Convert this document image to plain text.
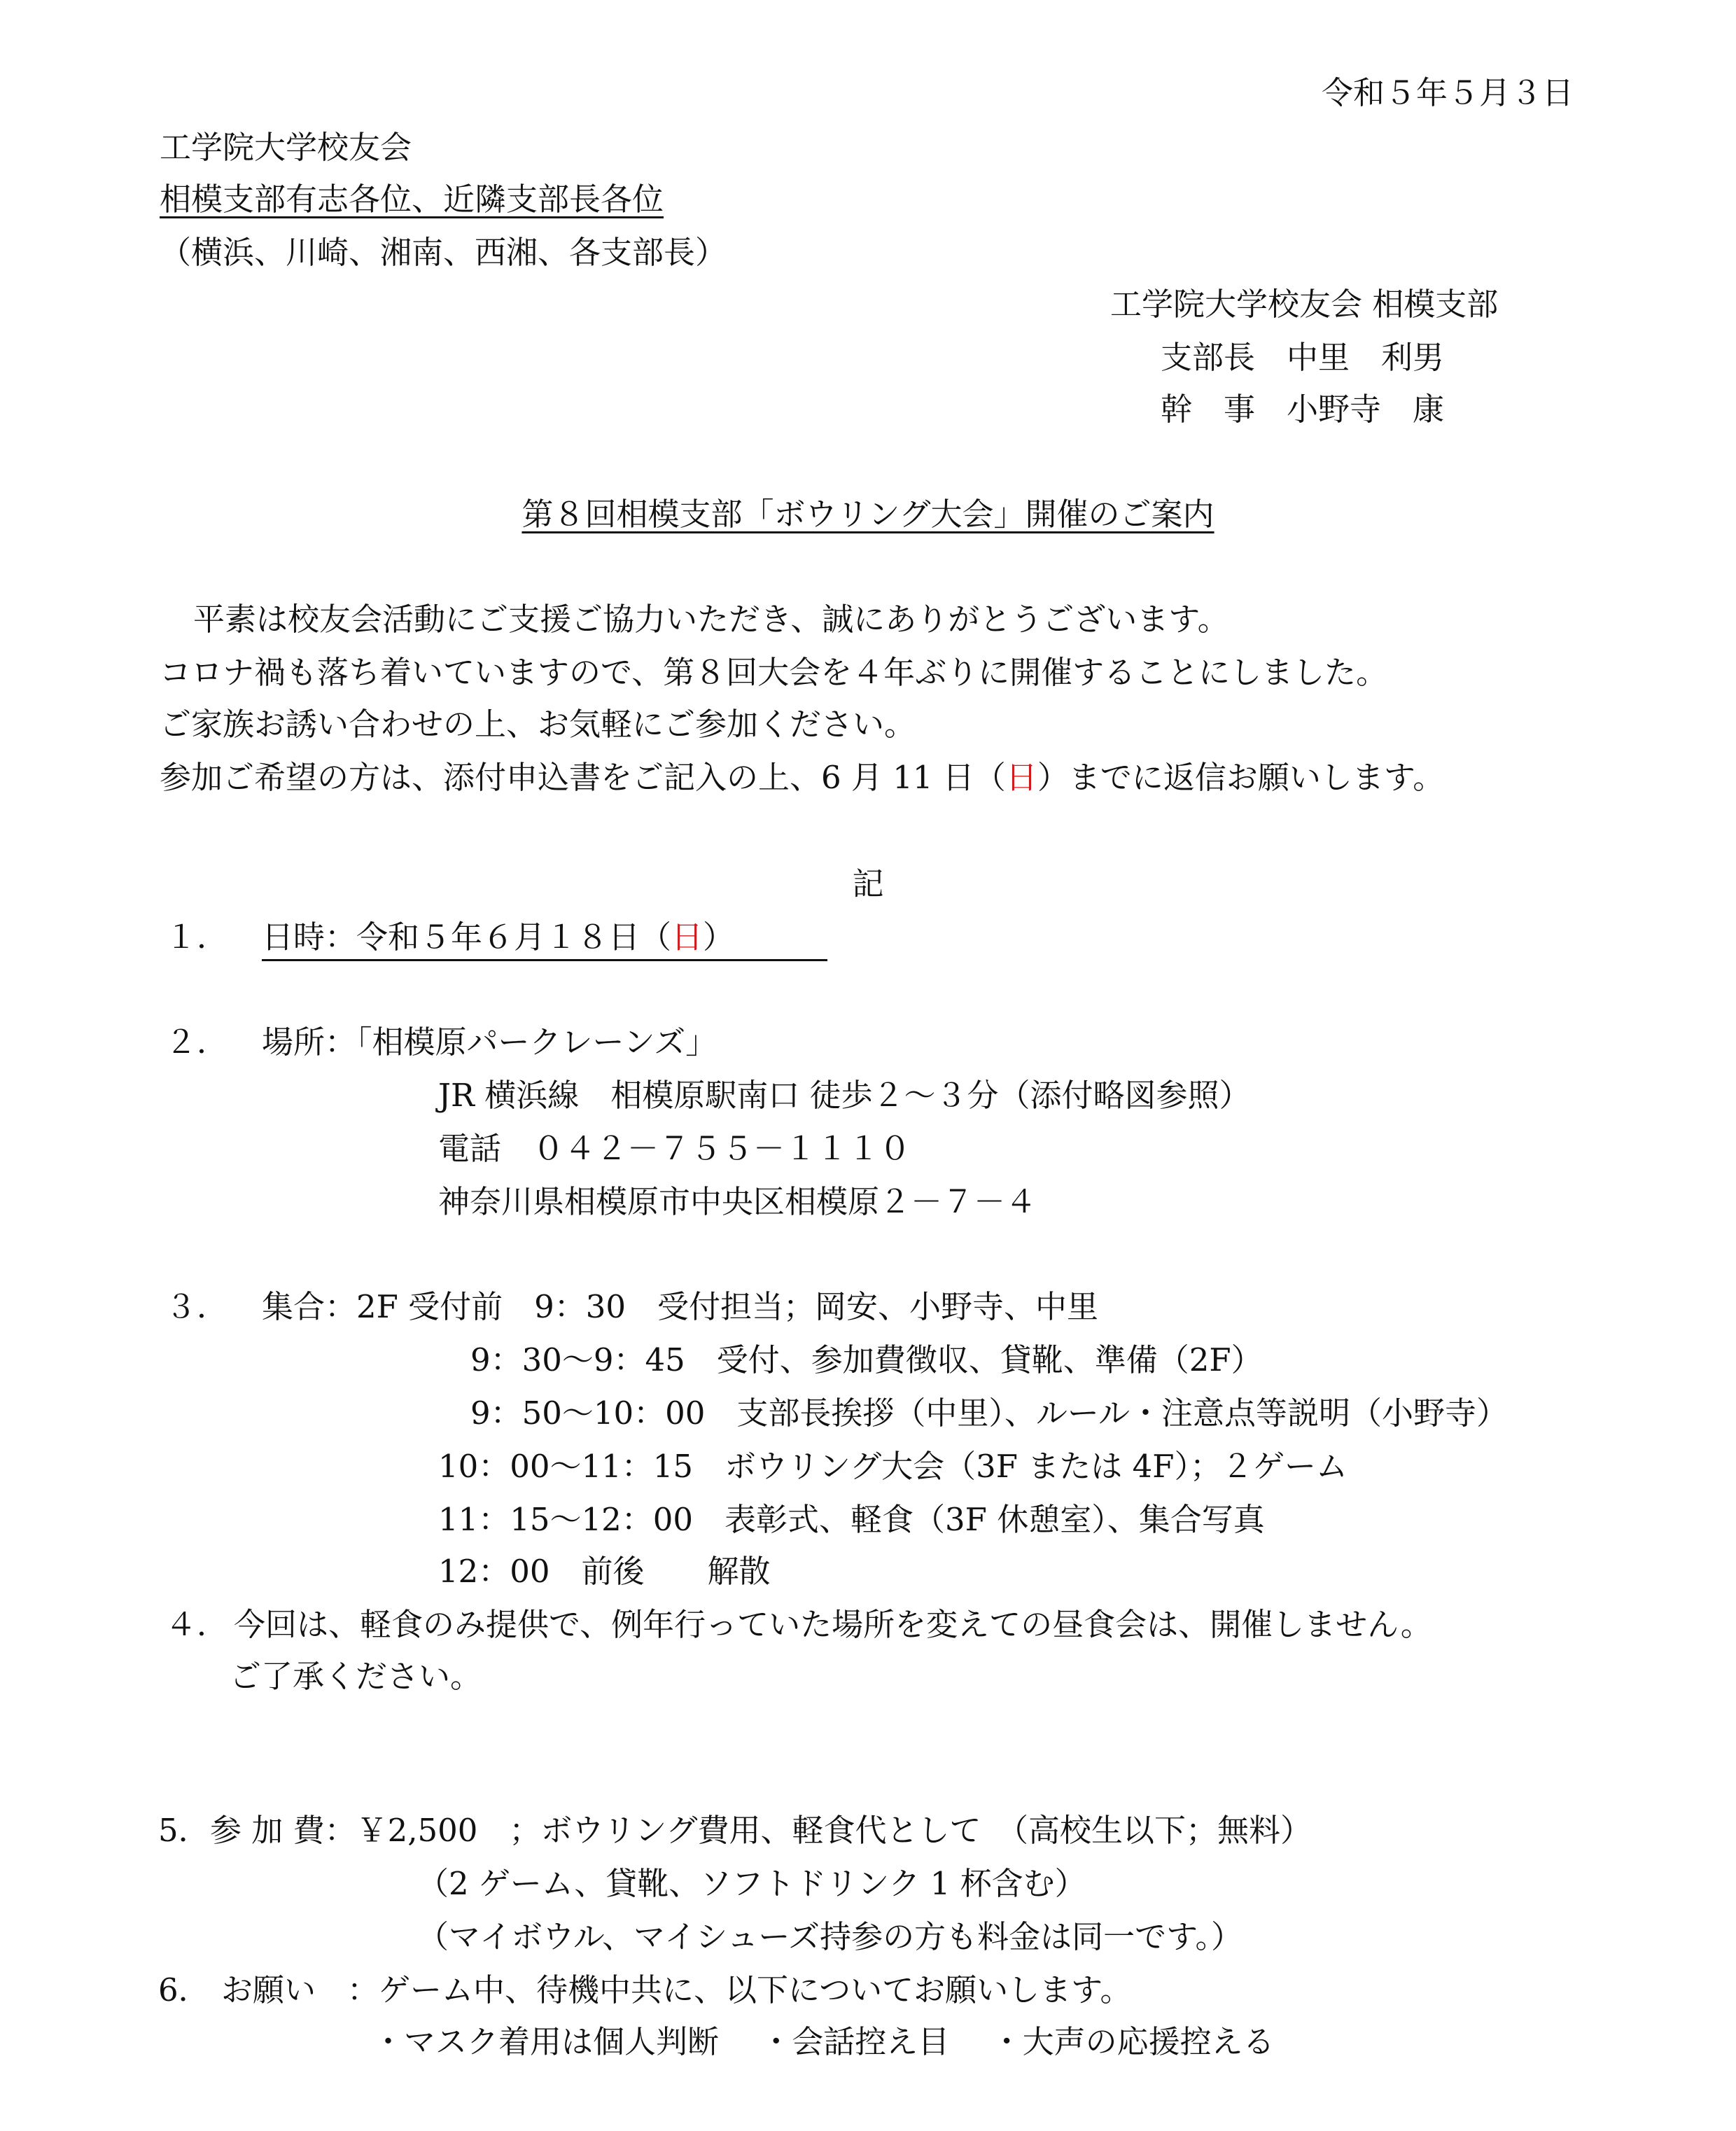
令和５年５月３日
工学院大学校友会
相模支部有志各位、近隣支部長各位
（横浜、川崎、湘南、西湘、各支部長）
工学院大学校友会 相模支部
支部長　中里　利男
幹　事　小野寺　康
第８回相模支部「ボウリング大会」開催のご案内
平素は校友会活動にご支援ご協力いただき、誠にありがとうございます。
コロナ禍も落ち着いていますので、第８回大会を４年ぶりに開催することにしました。
ご家族お誘い合わせの上、お気軽にご参加ください。
参加ご希望の方は、添付申込書をご記入の上、6 月 11 日（日）までに返信お願いします。
記
１． 日時：令和５年６月１８日（日）
２． 場所：「相模原パークレーンズ」
JR 横浜線　相模原駅南口 徒歩２～３分（添付略図参照）
電話　０４２－７５５－１１１０
神奈川県相模原市中央区相模原２－７－４
３． 集合：2F 受付前　9：30　受付担当；岡安、小野寺、中里
9：30～9：45　受付、参加費徴収、貸靴、準備（2F）
9：50～10：00　支部長挨拶（中里）、ルール・注意点等説明（小野寺）
10：00～11：15　ボウリング大会（3F または 4F）；２ゲーム
11：15～12：00　表彰式、軽食（3F 休憩室）、集合写真
12：00　前後　　解散
４． 今回は、軽食のみ提供で、例年行っていた場所を変えての昼食会は、開催しません。
ご了承ください。
5． 参 加 費：￥2,500　；ボウリング費用、軽食代として　（高校生以下；無料）
（2 ゲーム、貸靴、ソフトドリンク 1 杯含む）
（マイボウル、マイシューズ持参の方も料金は同一です。）
6． お願い　：ゲーム中、待機中共に、以下についてお願いします。
・マスク着用は個人判断　 ・会話控え目　 ・大声の応援控える
